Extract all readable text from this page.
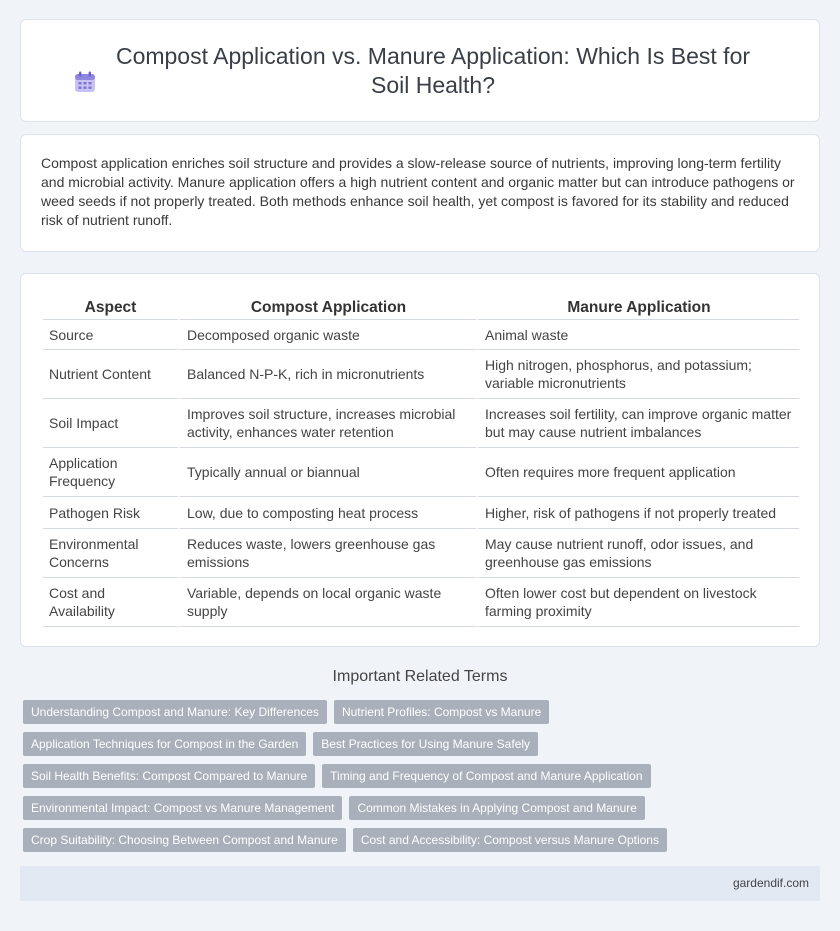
Compost Application vs. Manure Application: Which Is Best for Soil Health?

Compost application enriches soil structure and provides a slow-release source of nutrients, improving long-term fertility and microbial activity. Manure application offers a high nutrient content and organic matter but can introduce pathogens or weed seeds if not properly treated. Both methods enhance soil health, yet compost is favored for its stability and reduced risk of nutrient runoff.

Aspect	Compost Application	Manure Application
Source	Decomposed organic waste	Animal waste
Nutrient Content	Balanced N-P-K, rich in micronutrients	High nitrogen, phosphorus, and potassium; variable micronutrients
Soil Impact	Improves soil structure, increases microbial activity, enhances water retention	Increases soil fertility, can improve organic matter but may cause nutrient imbalances
Application Frequency	Typically annual or biannual	Often requires more frequent application
Pathogen Risk	Low, due to composting heat process	Higher, risk of pathogens if not properly treated
Environmental Concerns	Reduces waste, lowers greenhouse gas emissions	May cause nutrient runoff, odor issues, and greenhouse gas emissions
Cost and Availability	Variable, depends on local organic waste supply	Often lower cost but dependent on livestock farming proximity
Important Related Terms
Understanding Compost and Manure: Key Differences	Nutrient Profiles: Compost vs Manure
Application Techniques for Compost in the Garden	Best Practices for Using Manure Safely
Soil Health Benefits: Compost Compared to Manure	Timing and Frequency of Compost and Manure Application
Environmental Impact: Compost vs Manure Management	Common Mistakes in Applying Compost and Manure
Crop Suitability: Choosing Between Compost and Manure	Cost and Accessibility: Compost versus Manure Options
gardendif.com
